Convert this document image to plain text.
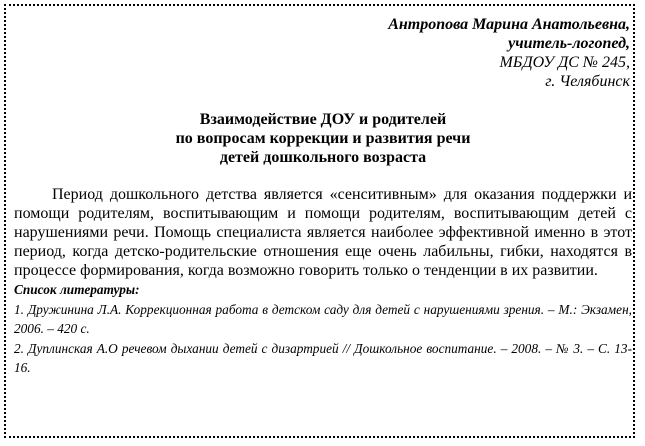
Антропова Марина Анатольевна,
учитель-логопед,
МБДОУ ДС № 245,
г. Челябинск
Взаимодействие ДОУ и родителей
по вопросам коррекции и развития речи
детей дошкольного возраста
Период дошкольного детства является «сенситивным» для оказания поддержки и помощи родителям, воспитывающим и помощи родителям, воспитывающим детей с нарушениями речи. Помощь специалиста является наиболее эффективной именно в этот период, когда детско-родительские отношения еще очень лабильны, гибки, находятся в процессе формирования, когда возможно говорить только о тенденции в их развитии.
Список литературы:
1. Дружинина Л.А. Коррекционная работа в детском саду для детей с нарушениями зрения. – М.: Экзамен, 2006. – 420 с.
2. Дуплинская А.О речевом дыхании детей с дизартрией // Дошкольное воспитание. – 2008. – № 3. – С. 13-16.
